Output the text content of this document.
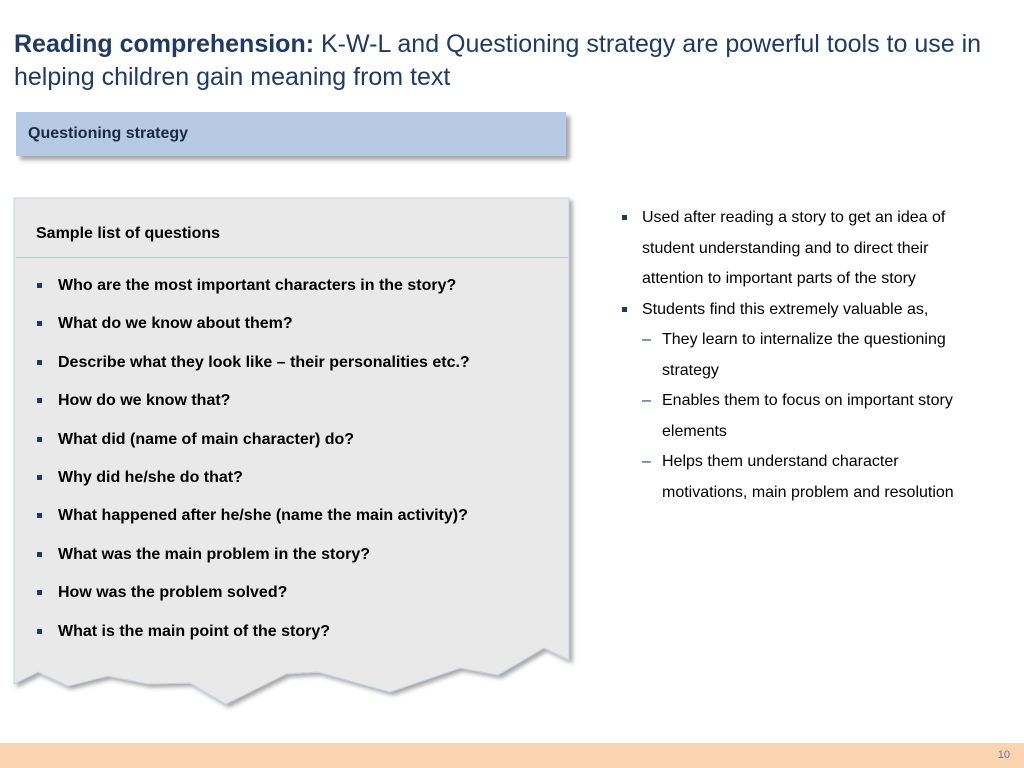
Reading comprehension: K-W-L and Questioning strategy are powerful tools to use in helping children gain meaning from text
Questioning strategy
Sample list of questions
Who are the most important characters in the story?
What do we know about them?
Describe what they look like – their personalities etc.?
How do we know that?
What did (name of main character) do?
Why did he/she do that?
What happened after he/she (name the main activity)?
What was the main problem in the story?
How was the problem solved?
What is the main point of the story?
Used after reading a story to get an idea of student understanding and to direct their attention to important parts of the story
Students find this extremely valuable as,
– They learn to internalize the questioning strategy
– Enables them to focus on important story elements
– Helps them understand character motivations, main problem and resolution
10
